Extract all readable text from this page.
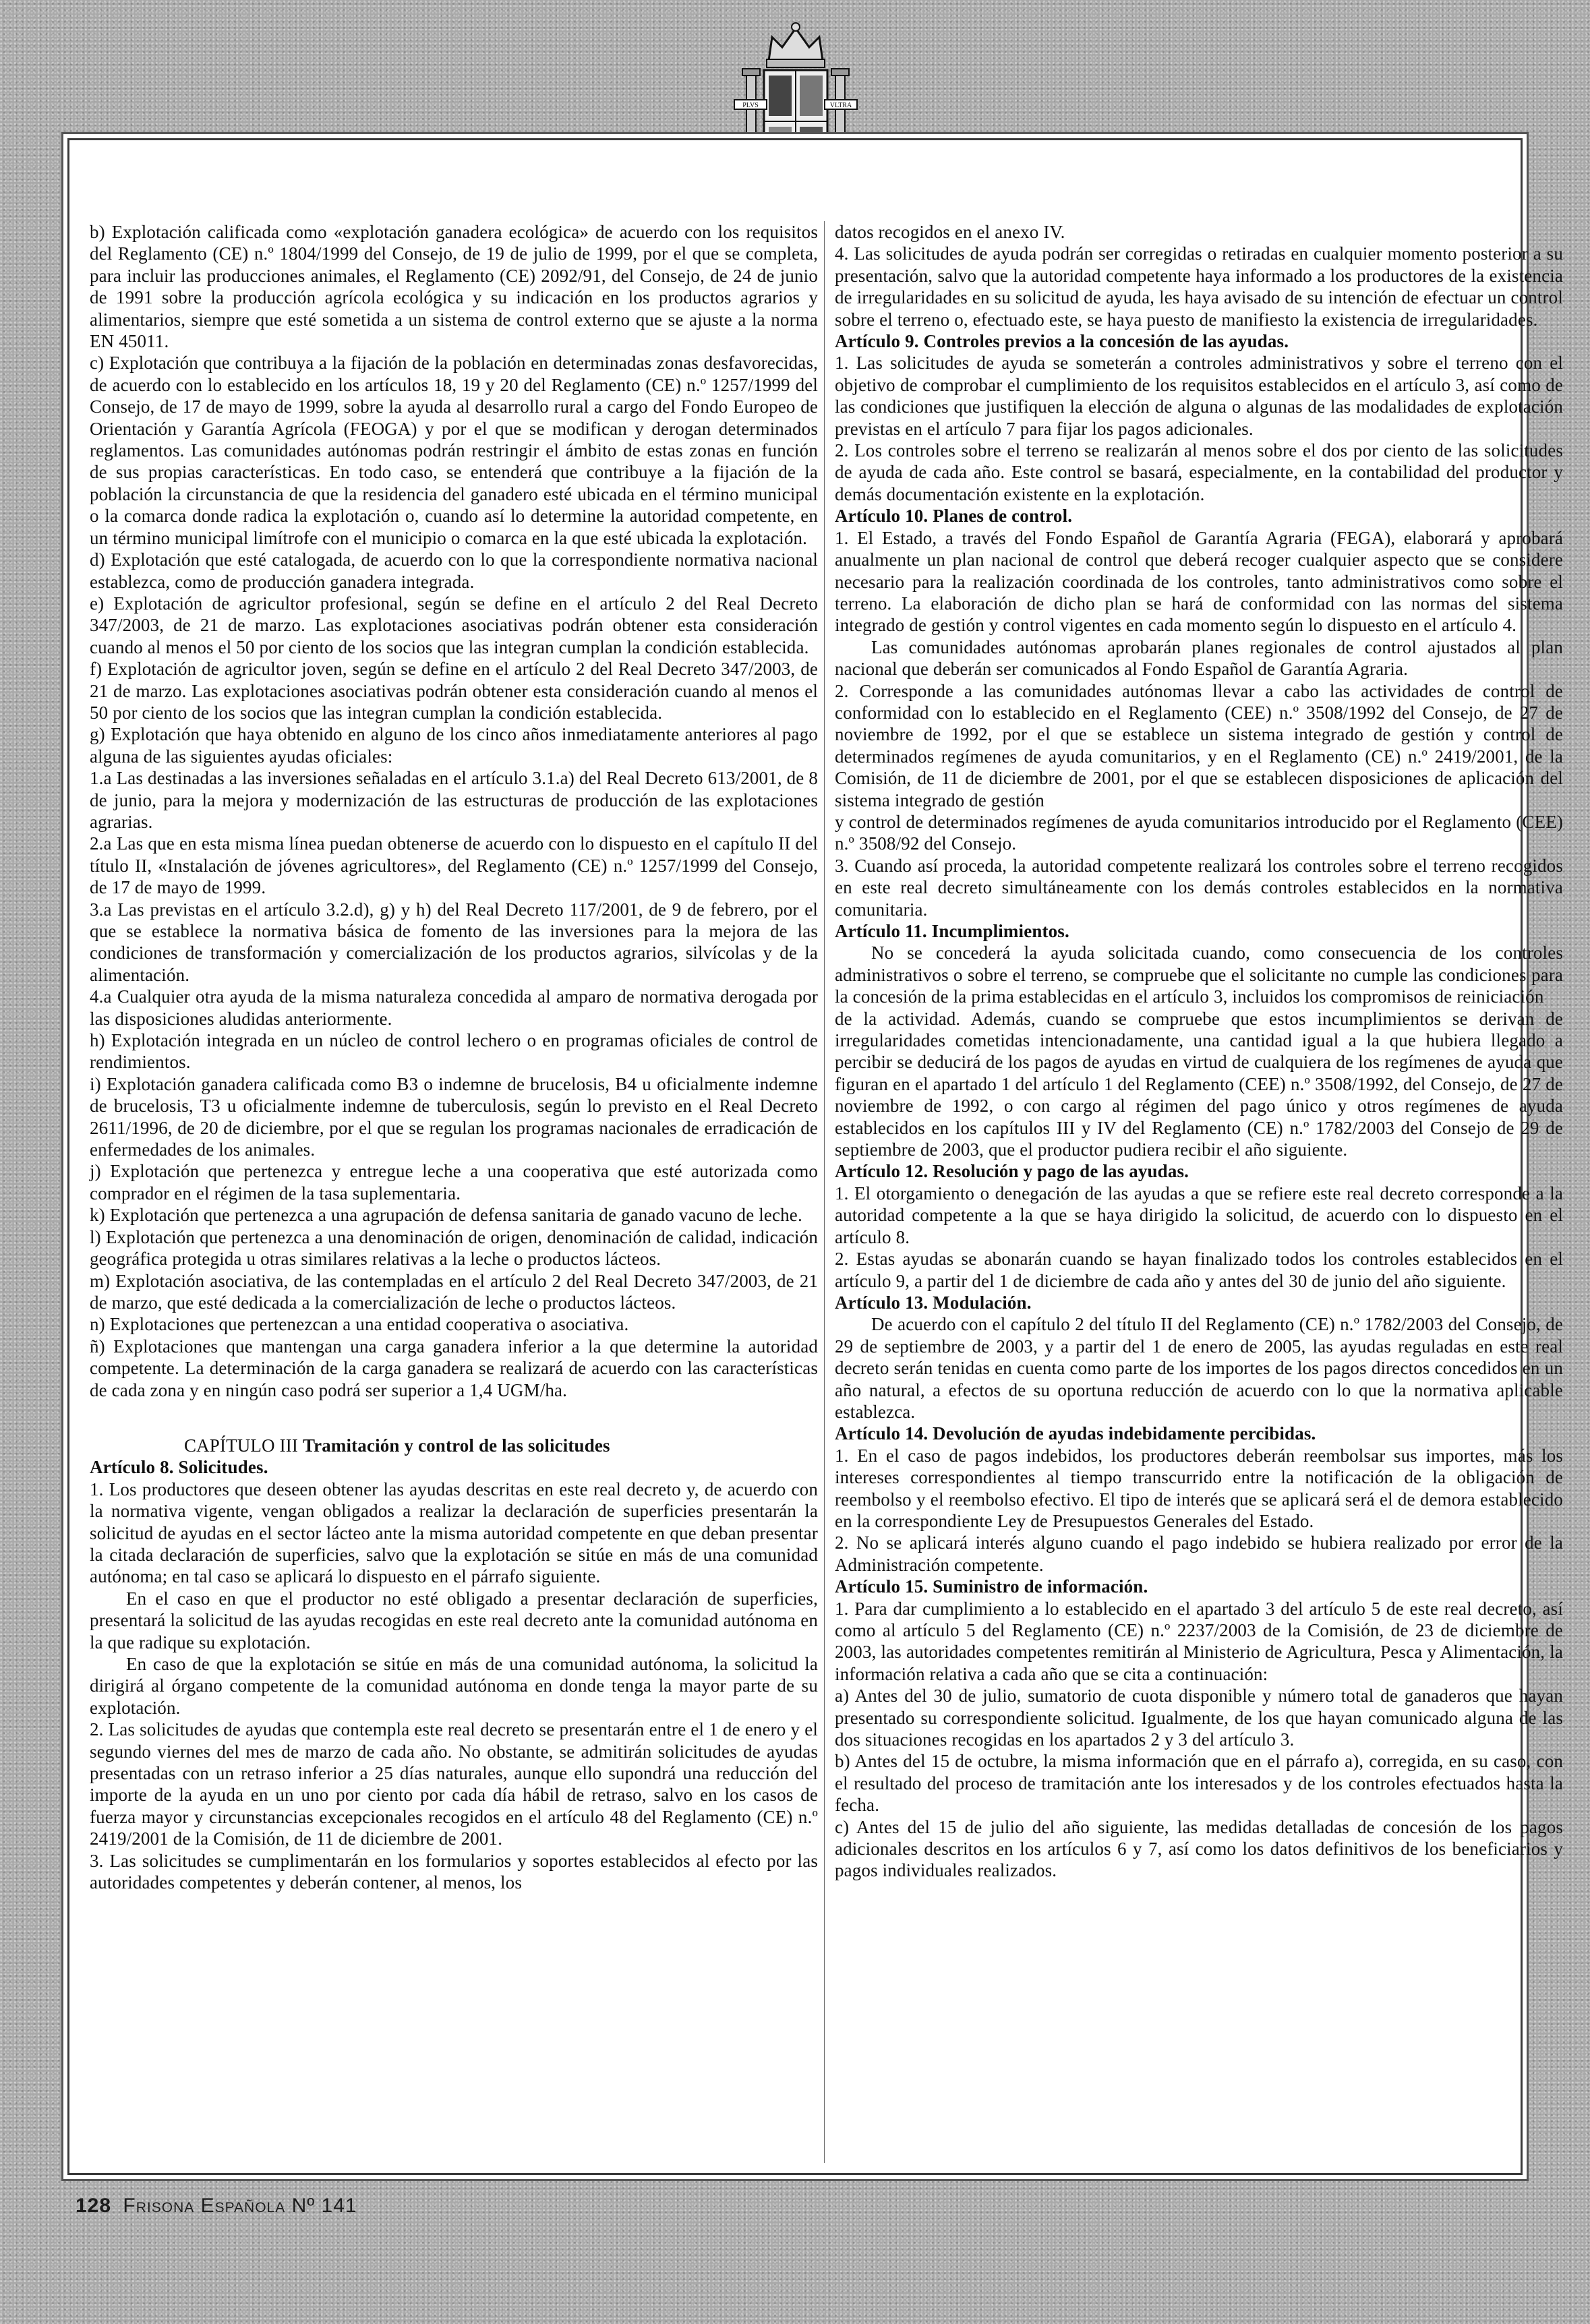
PLVS	VLTRA

b) Explotación calificada como «explotación ganadera ecológica» de acuerdo con los requisitos del Reglamento (CE) n.º 1804/1999 del Consejo, de 19 de julio de 1999, por el que se completa, para incluir las producciones animales, el Reglamento (CE) 2092/91, del Consejo, de 24 de junio de 1991 sobre la producción agrícola ecológica y su indicación en los productos agrarios y alimentarios, siempre que esté sometida a un sistema de control externo que se ajuste a la norma EN 45011.

c) Explotación que contribuya a la fijación de la población en determinadas zonas desfavorecidas, de acuerdo con lo establecido en los artículos 18, 19 y 20 del Reglamento (CE) n.º 1257/1999 del Consejo, de 17 de mayo de 1999, sobre la ayuda al desarrollo rural a cargo del Fondo Europeo de Orientación y Garantía Agrícola (FEOGA) y por el que se modifican y derogan determinados reglamentos. Las comunidades autónomas podrán restringir el ámbito de estas zonas en función de sus propias características. En todo caso, se entenderá que contribuye a la fijación de la población la circunstancia de que la residencia del ganadero esté ubicada en el término municipal o la comarca donde radica la explotación o, cuando así lo determine la autoridad competente, en un término municipal limítrofe con el municipio o comarca en la que esté ubicada la explotación.

d) Explotación que esté catalogada, de acuerdo con lo que la correspondiente normativa nacional establezca, como de producción ganadera integrada.

e) Explotación de agricultor profesional, según se define en el artículo 2 del Real Decreto 347/2003, de 21 de marzo. Las explotaciones asociativas podrán obtener esta consideración cuando al menos el 50 por ciento de los socios que las integran cumplan la condición establecida.

f) Explotación de agricultor joven, según se define en el artículo 2 del Real Decreto 347/2003, de 21 de marzo. Las explotaciones asociativas podrán obtener esta consideración cuando al menos el 50 por ciento de los socios que las integran cumplan la condición establecida.

g) Explotación que haya obtenido en alguno de los cinco años inmediatamente anteriores al pago alguna de las siguientes ayudas oficiales:

1.a Las destinadas a las inversiones señaladas en el artículo 3.1.a) del Real Decreto 613/2001, de 8 de junio, para la mejora y modernización de las estructuras de producción de las explotaciones agrarias.

2.a Las que en esta misma línea puedan obtenerse de acuerdo con lo dispuesto en el capítulo II del título II, «Instalación de jóvenes agricultores», del Reglamento (CE) n.º 1257/1999 del Consejo, de 17 de mayo de 1999.

3.a Las previstas en el artículo 3.2.d), g) y h) del Real Decreto 117/2001, de 9 de febrero, por el que se establece la normativa básica de fomento de las inversiones para la mejora de las condiciones de transformación y comercialización de los productos agrarios, silvícolas y de la alimentación.

4.a Cualquier otra ayuda de la misma naturaleza concedida al amparo de normativa derogada por las disposiciones aludidas anteriormente.

h) Explotación integrada en un núcleo de control lechero o en programas oficiales de control de rendimientos.

i) Explotación ganadera calificada como B3 o indemne de brucelosis, B4 u oficialmente indemne de brucelosis, T3 u oficialmente indemne de tuberculosis, según lo previsto en el Real Decreto 2611/1996, de 20 de diciembre, por el que se regulan los programas nacionales de erradicación de enfermedades de los animales.

j) Explotación que pertenezca y entregue leche a una cooperativa que esté autorizada como comprador en el régimen de la tasa suplementaria.

k) Explotación que pertenezca a una agrupación de defensa sanitaria de ganado vacuno de leche.

l) Explotación que pertenezca a una denominación de origen, denominación de calidad, indicación geográfica protegida u otras similares relativas a la leche o productos lácteos.

m) Explotación asociativa, de las contempladas en el artículo 2 del Real Decreto 347/2003, de 21 de marzo, que esté dedicada a la comercialización de leche o productos lácteos.

n) Explotaciones que pertenezcan a una entidad cooperativa o asociativa.

ñ) Explotaciones que mantengan una carga ganadera inferior a la que determine la autoridad competente. La determinación de la carga ganadera se realizará de acuerdo con las características de cada zona y en ningún caso podrá ser superior a 1,4 UGM/ha.

CAPÍTULO III Tramitación y control de las solicitudes

Artículo 8. Solicitudes.

1. Los productores que deseen obtener las ayudas descritas en este real decreto y, de acuerdo con la normativa vigente, vengan obligados a realizar la declaración de superficies presentarán la solicitud de ayudas en el sector lácteo ante la misma autoridad competente en que deban presentar la citada declaración de superficies, salvo que la explotación se sitúe en más de una comunidad autónoma; en tal caso se aplicará lo dispuesto en el párrafo siguiente.

En el caso en que el productor no esté obligado a presentar declaración de superficies, presentará la solicitud de las ayudas recogidas en este real decreto ante la comunidad autónoma en la que radique su explotación.

En caso de que la explotación se sitúe en más de una comunidad autónoma, la solicitud la dirigirá al órgano competente de la comunidad autónoma en donde tenga la mayor parte de su explotación.

2. Las solicitudes de ayudas que contempla este real decreto se presentarán entre el 1 de enero y el segundo viernes del mes de marzo de cada año. No obstante, se admitirán solicitudes de ayudas presentadas con un retraso inferior a 25 días naturales, aunque ello supondrá una reducción del importe de la ayuda en un uno por ciento por cada día hábil de retraso, salvo en los casos de fuerza mayor y circunstancias excepcionales recogidos en el artículo 48 del Reglamento (CE) n.º 2419/2001 de la Comisión, de 11 de diciembre de 2001.

3. Las solicitudes se cumplimentarán en los formularios y soportes establecidos al efecto por las autoridades competentes y deberán contener, al menos, los

datos recogidos en el anexo IV.

4. Las solicitudes de ayuda podrán ser corregidas o retiradas en cualquier momento posterior a su presentación, salvo que la autoridad competente haya informado a los productores de la existencia de irregularidades en su solicitud de ayuda, les haya avisado de su intención de efectuar un control sobre el terreno o, efectuado este, se haya puesto de manifiesto la existencia de irregularidades.

Artículo 9. Controles previos a la concesión de las ayudas.

1. Las solicitudes de ayuda se someterán a controles administrativos y sobre el terreno con el objetivo de comprobar el cumplimiento de los requisitos establecidos en el artículo 3, así como de las condiciones que justifiquen la elección de alguna o algunas de las modalidades de explotación previstas en el artículo 7 para fijar los pagos adicionales.

2. Los controles sobre el terreno se realizarán al menos sobre el dos por ciento de las solicitudes de ayuda de cada año. Este control se basará, especialmente, en la contabilidad del productor y demás documentación existente en la explotación.

Artículo 10. Planes de control.

1. El Estado, a través del Fondo Español de Garantía Agraria (FEGA), elaborará y aprobará anualmente un plan nacional de control que deberá recoger cualquier aspecto que se considere necesario para la realización coordinada de los controles, tanto administrativos como sobre el terreno. La elaboración de dicho plan se hará de conformidad con las normas del sistema integrado de gestión y control vigentes en cada momento según lo dispuesto en el artículo 4.

Las comunidades autónomas aprobarán planes regionales de control ajustados al plan nacional que deberán ser comunicados al Fondo Español de Garantía Agraria.

2. Corresponde a las comunidades autónomas llevar a cabo las actividades de control de conformidad con lo establecido en el Reglamento (CEE) n.º 3508/1992 del Consejo, de 27 de noviembre de 1992, por el que se establece un sistema integrado de gestión y control de determinados regímenes de ayuda comunitarios, y en el Reglamento (CE) n.º 2419/2001, de la Comisión, de 11 de diciembre de 2001, por el que se establecen disposiciones de aplicación del sistema integrado de gestión

y control de determinados regímenes de ayuda comunitarios introducido por el Reglamento (CEE) n.º 3508/92 del Consejo.

3. Cuando así proceda, la autoridad competente realizará los controles sobre el terreno recogidos en este real decreto simultáneamente con los demás controles establecidos en la normativa comunitaria.

Artículo 11. Incumplimientos.

No se concederá la ayuda solicitada cuando, como consecuencia de los controles administrativos o sobre el terreno, se compruebe que el solicitante no cumple las condiciones para la concesión de la prima establecidas en el artículo 3, incluidos los compromisos de reiniciación

de la actividad. Además, cuando se compruebe que estos incumplimientos se derivan de irregularidades cometidas intencionadamente, una cantidad igual a la que hubiera llegado a percibir se deducirá de los pagos de ayudas en virtud de cualquiera de los regímenes de ayuda que figuran en el apartado 1 del artículo 1 del Reglamento (CEE) n.º 3508/1992, del Consejo, de 27 de noviembre de 1992, o con cargo al régimen del pago único y otros regímenes de ayuda establecidos en los capítulos III y IV del Reglamento (CE) n.º 1782/2003 del Consejo de 29 de septiembre de 2003, que el productor pudiera recibir el año siguiente.

Artículo 12. Resolución y pago de las ayudas.

1. El otorgamiento o denegación de las ayudas a que se refiere este real decreto corresponde a la autoridad competente a la que se haya dirigido la solicitud, de acuerdo con lo dispuesto en el artículo 8.

2. Estas ayudas se abonarán cuando se hayan finalizado todos los controles establecidos en el artículo 9, a partir del 1 de diciembre de cada año y antes del 30 de junio del año siguiente.

Artículo 13. Modulación.

De acuerdo con el capítulo 2 del título II del Reglamento (CE) n.º 1782/2003 del Consejo, de 29 de septiembre de 2003, y a partir del 1 de enero de 2005, las ayudas reguladas en este real decreto serán tenidas en cuenta como parte de los importes de los pagos directos concedidos en un año natural, a efectos de su oportuna reducción de acuerdo con lo que la normativa aplicable establezca.

Artículo 14. Devolución de ayudas indebidamente percibidas.

1. En el caso de pagos indebidos, los productores deberán reembolsar sus importes, más los intereses correspondientes al tiempo transcurrido entre la notificación de la obligación de reembolso y el reembolso efectivo. El tipo de interés que se aplicará será el de demora establecido en la correspondiente Ley de Presupuestos Generales del Estado.

2. No se aplicará interés alguno cuando el pago indebido se hubiera realizado por error de la Administración competente.

Artículo 15. Suministro de información.

1. Para dar cumplimiento a lo establecido en el apartado 3 del artículo 5 de este real decreto, así como al artículo 5 del Reglamento (CE) n.º 2237/2003 de la Comisión, de 23 de diciembre de 2003, las autoridades competentes remitirán al Ministerio de Agricultura, Pesca y Alimentación, la información relativa a cada año que se cita a continuación:

a) Antes del 30 de julio, sumatorio de cuota disponible y número total de ganaderos que hayan presentado su correspondiente solicitud. Igualmente, de los que hayan comunicado alguna de las dos situaciones recogidas en los apartados 2 y 3 del artículo 3.

b) Antes del 15 de octubre, la misma información que en el párrafo a), corregida, en su caso, con el resultado del proceso de tramitación ante los interesados y de los controles efectuados hasta la fecha.

c) Antes del 15 de julio del año siguiente, las medidas detalladas de concesión de los pagos adicionales descritos en los artículos 6 y 7, así como los datos definitivos de los beneficiarios y pagos individuales realizados.

128 Frisona Española Nº 141
